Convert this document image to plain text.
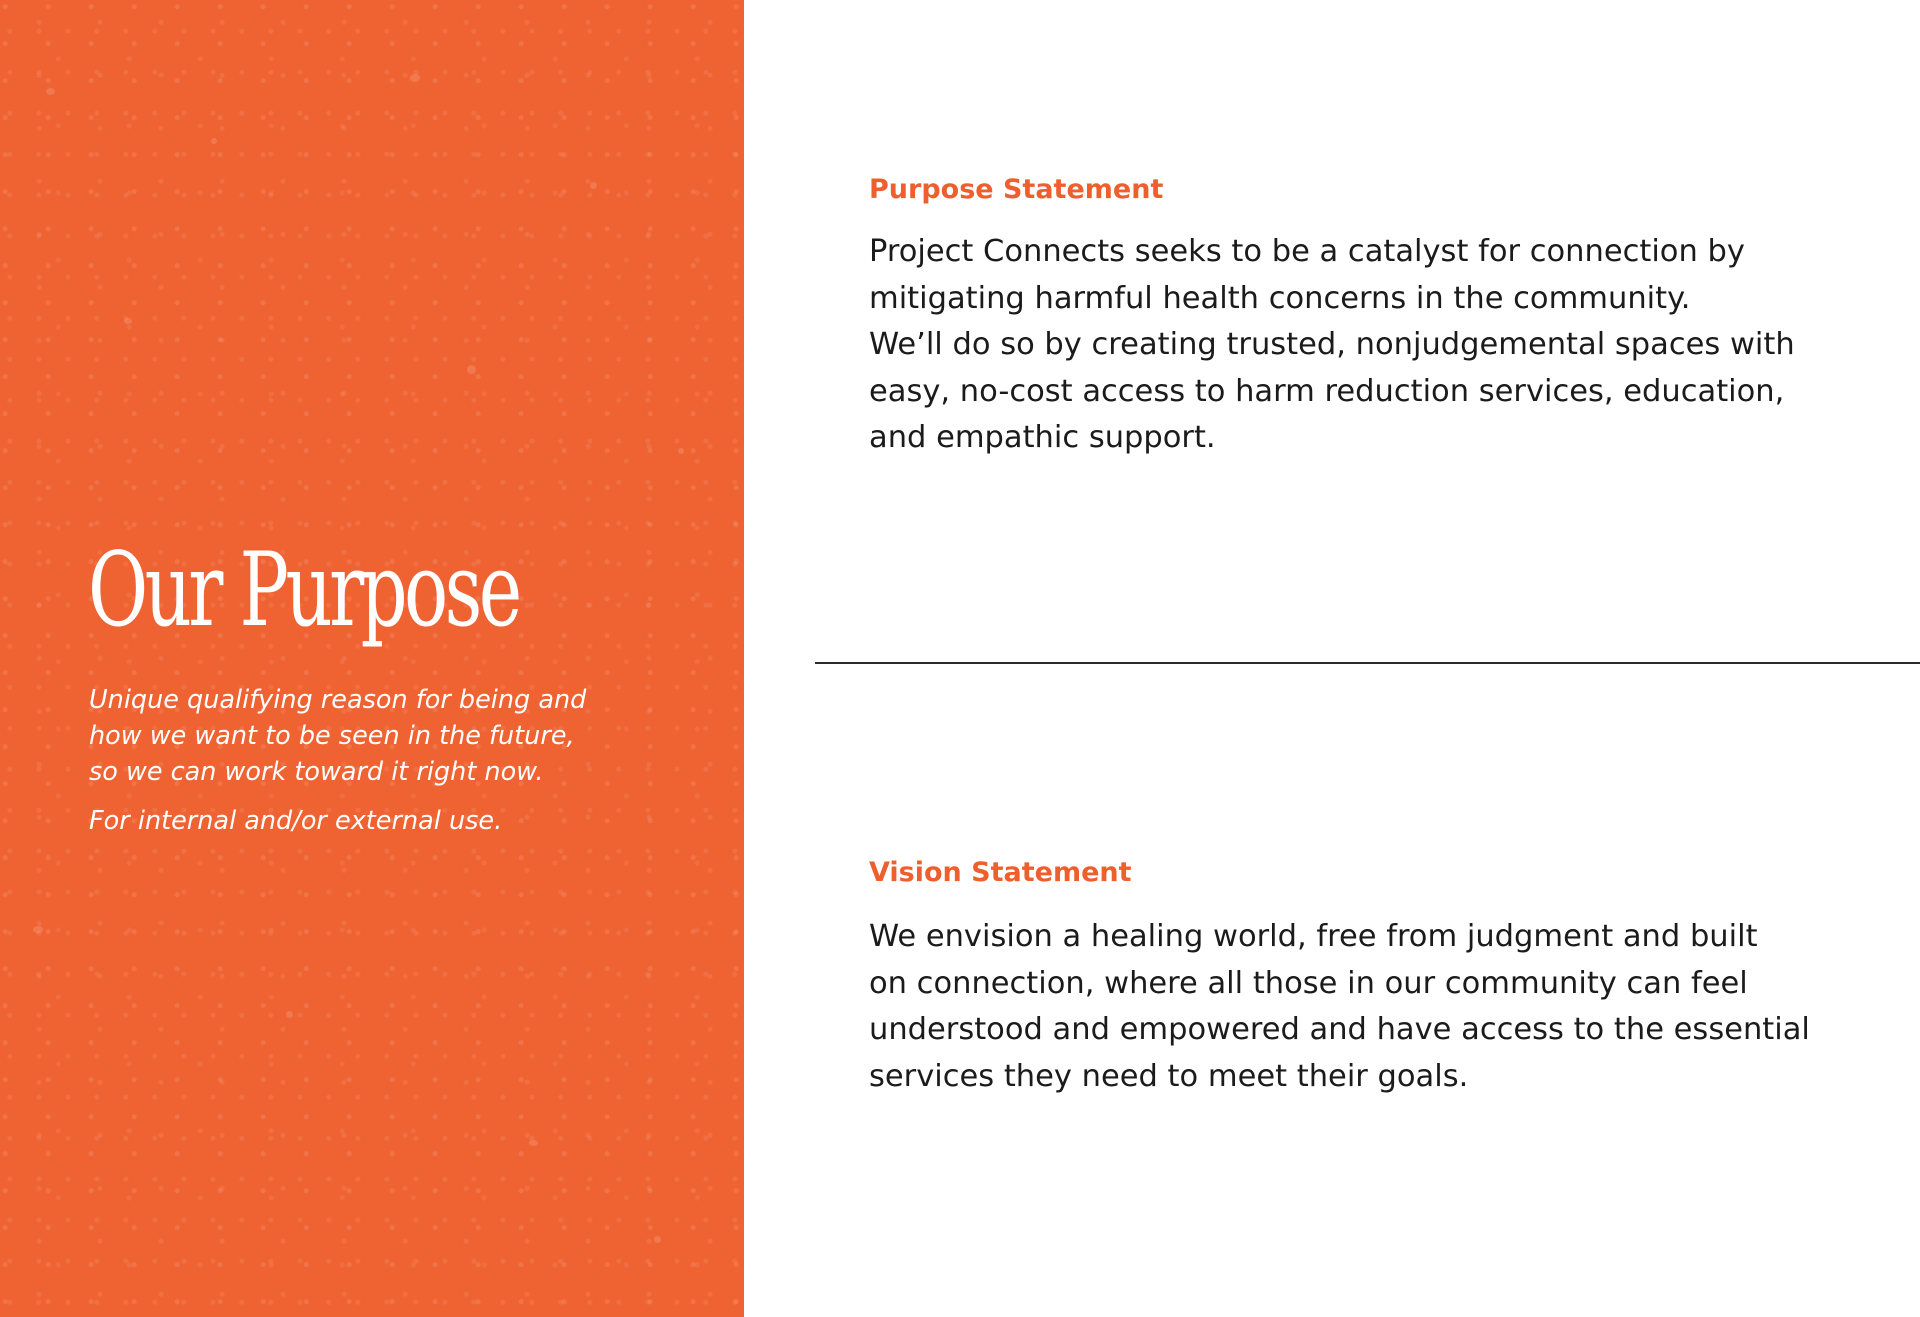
Our Purpose

Unique qualifying reason for being and
how we want to be seen in the future,
so we can work toward it right now.

For internal and/or external use.

Purpose Statement

Project Connects seeks to be a catalyst for connection by
mitigating harmful health concerns in the community.
We’ll do so by creating trusted, nonjudgemental spaces with
easy, no-cost access to harm reduction services, education,
and empathic support.

Vision Statement

We envision a healing world, free from judgment and built
on connection, where all those in our community can feel
understood and empowered and have access to the essential
services they need to meet their goals.
